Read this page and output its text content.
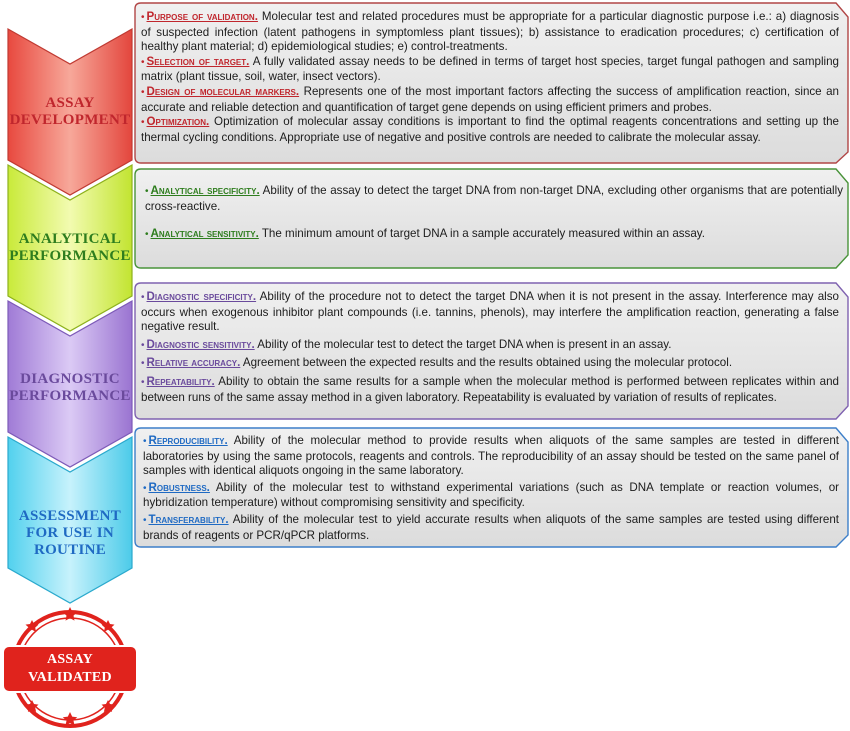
ASSAY DEVELOPMENT
ANALYTICAL PERFORMANCE
DIAGNOSTIC PERFORMANCE
ASSESSMENT FOR USE IN ROUTINE
ASSAY
VALIDATED

• Purpose of validation. Molecular test and related procedures must be appropriate for a particular diagnostic purpose i.e.: a) diagnosis of suspected infection (latent pathogens in symptomless plant tissues); b) assistance to eradication procedures; c) certification of healthy plant material; d) epidemiological studies; e) control-treatments.

• Selection of target. A fully validated assay needs to be defined in terms of target host species, target fungal pathogen and sampling matrix (plant tissue, soil, water, insect vectors).

• Design of molecular markers. Represents one of the most important factors affecting the success of amplification reaction, since an accurate and reliable detection and quantification of target gene depends on using efficient primers and probes.

• Optimization. Optimization of molecular assay conditions is important to find the optimal reagents concentrations and setting up the thermal cycling conditions. Appropriate use of negative and positive controls are needed to calibrate the molecular assay.

• Analytical specificity. Ability of the assay to detect the target DNA from non-target DNA, excluding other organisms that are potentially cross-reactive.

• Analytical sensitivity. The minimum amount of target DNA in a sample accurately measured within an assay.

• Diagnostic specificity. Ability of the procedure not to detect the target DNA when it is not present in the assay. Interference may also occurs when exogenous inhibitor plant compounds (i.e. tannins, phenols), may interfere the amplification reaction, generating a false negative result.

• Diagnostic sensitivity. Ability of the molecular test to detect the target DNA when is present in an assay.

• Relative accuracy. Agreement between the expected results and the results obtained using the molecular protocol.

• Repeatability. Ability to obtain the same results for a sample when the molecular method is performed between replicates within and between runs of the same assay method in a given laboratory. Repeatability is evaluated by variation of results of replicates.

• Reproducibility. Ability of the molecular method to provide results when aliquots of the same samples are tested in different laboratories by using the same protocols, reagents and controls. The reproducibility of an assay should be tested on the same panel of samples with identical aliquots ongoing in the same laboratory.

• Robustness. Ability of the molecular test to withstand experimental variations (such as DNA template or reaction volumes, or hybridization temperature) without compromising sensitivity and specificity.

• Transferability. Ability of the molecular test to yield accurate results when aliquots of the same samples are tested using different brands of reagents or PCR/qPCR platforms.
